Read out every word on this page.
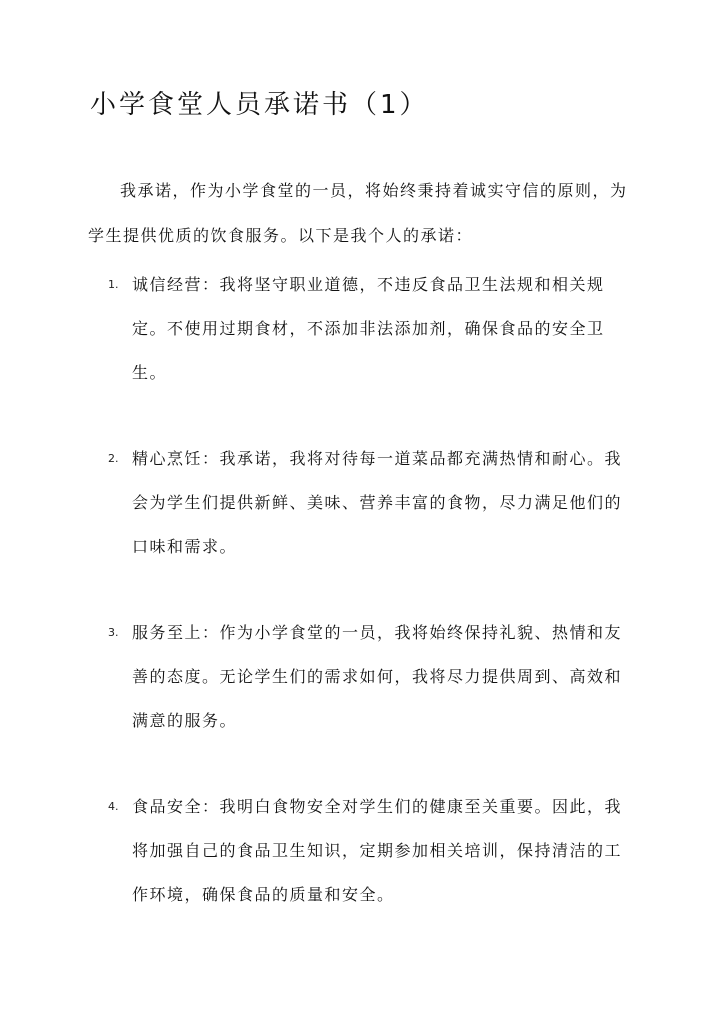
小学食堂人员承诺书（1）

我承诺，作为小学食堂的一员，将始终秉持着诚实守信的原则，为学生提供优质的饮食服务。以下是我个人的承诺：

1. 诚信经营：我将坚守职业道德，不违反食品卫生法规和相关规定。不使用过期食材，不添加非法添加剂，确保食品的安全卫生。
2. 精心烹饪：我承诺，我将对待每一道菜品都充满热情和耐心。我会为学生们提供新鲜、美味、营养丰富的食物，尽力满足他们的口味和需求。
3. 服务至上：作为小学食堂的一员，我将始终保持礼貌、热情和友善的态度。无论学生们的需求如何，我将尽力提供周到、高效和满意的服务。
4. 食品安全：我明白食物安全对学生们的健康至关重要。因此，我将加强自己的食品卫生知识，定期参加相关培训，保持清洁的工作环境，确保食品的质量和安全。
